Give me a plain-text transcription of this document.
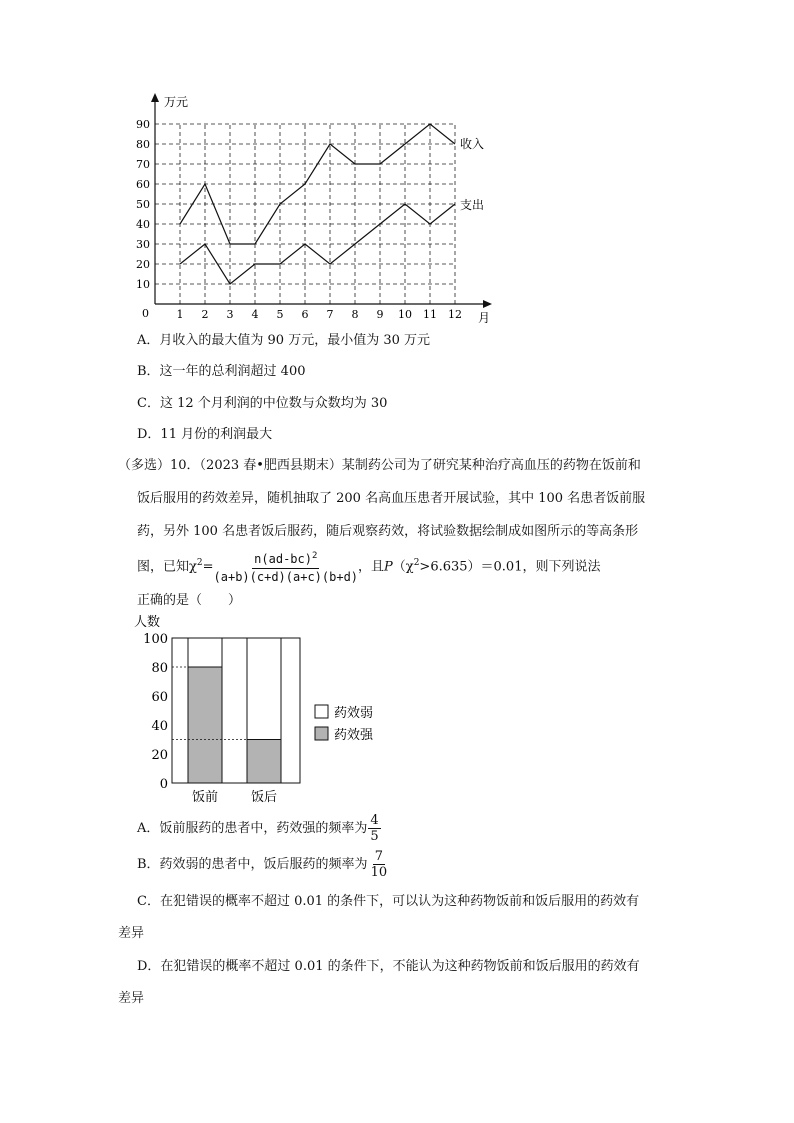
万元
月
0
10
20
30
40
50
60
70
80
90
1 2 3 4 5 6 7 8 9 10 11 12
收入
支出
A．月收入的最大值为 90 万元，最小值为 30 万元
B．这一年的总利润超过 400
C．这 12 个月利润的中位数与众数均为 30
D．11 月份的利润最大
（多选）10．（2023 春•肥西县期末）某制药公司为了研究某种治疗高血压的药物在饭前和
饭后服用的药效差异，随机抽取了 200 名高血压患者开展试验，其中 100 名患者饭前服
药，另外 100 名患者饭后服药，随后观察药效，将试验数据绘制成如图所示的等高条形
图，已知$\chi^2= \frac{n(ad-bc)^2}{(a+b)(c+d)(a+c)(b+d)}$ ，且$P(\chi^2>6.635)=0.01$，则下列说法
正确的是（　　）
人数
0
20
40
60
80
100
饭前	饭后
药效弱
药效强
A．饭前服药的患者中，药效强的频率为 $\frac{4}{5}$
B．药效弱的患者中，饭后服药的频率为 $\frac{7}{10}$
C．在犯错误的概率不超过 0.01 的条件下，可以认为这种药物饭前和饭后服用的药效有
差异
D．在犯错误的概率不超过 0.01 的条件下，不能认为这种药物饭前和饭后服用的药效有
差异
